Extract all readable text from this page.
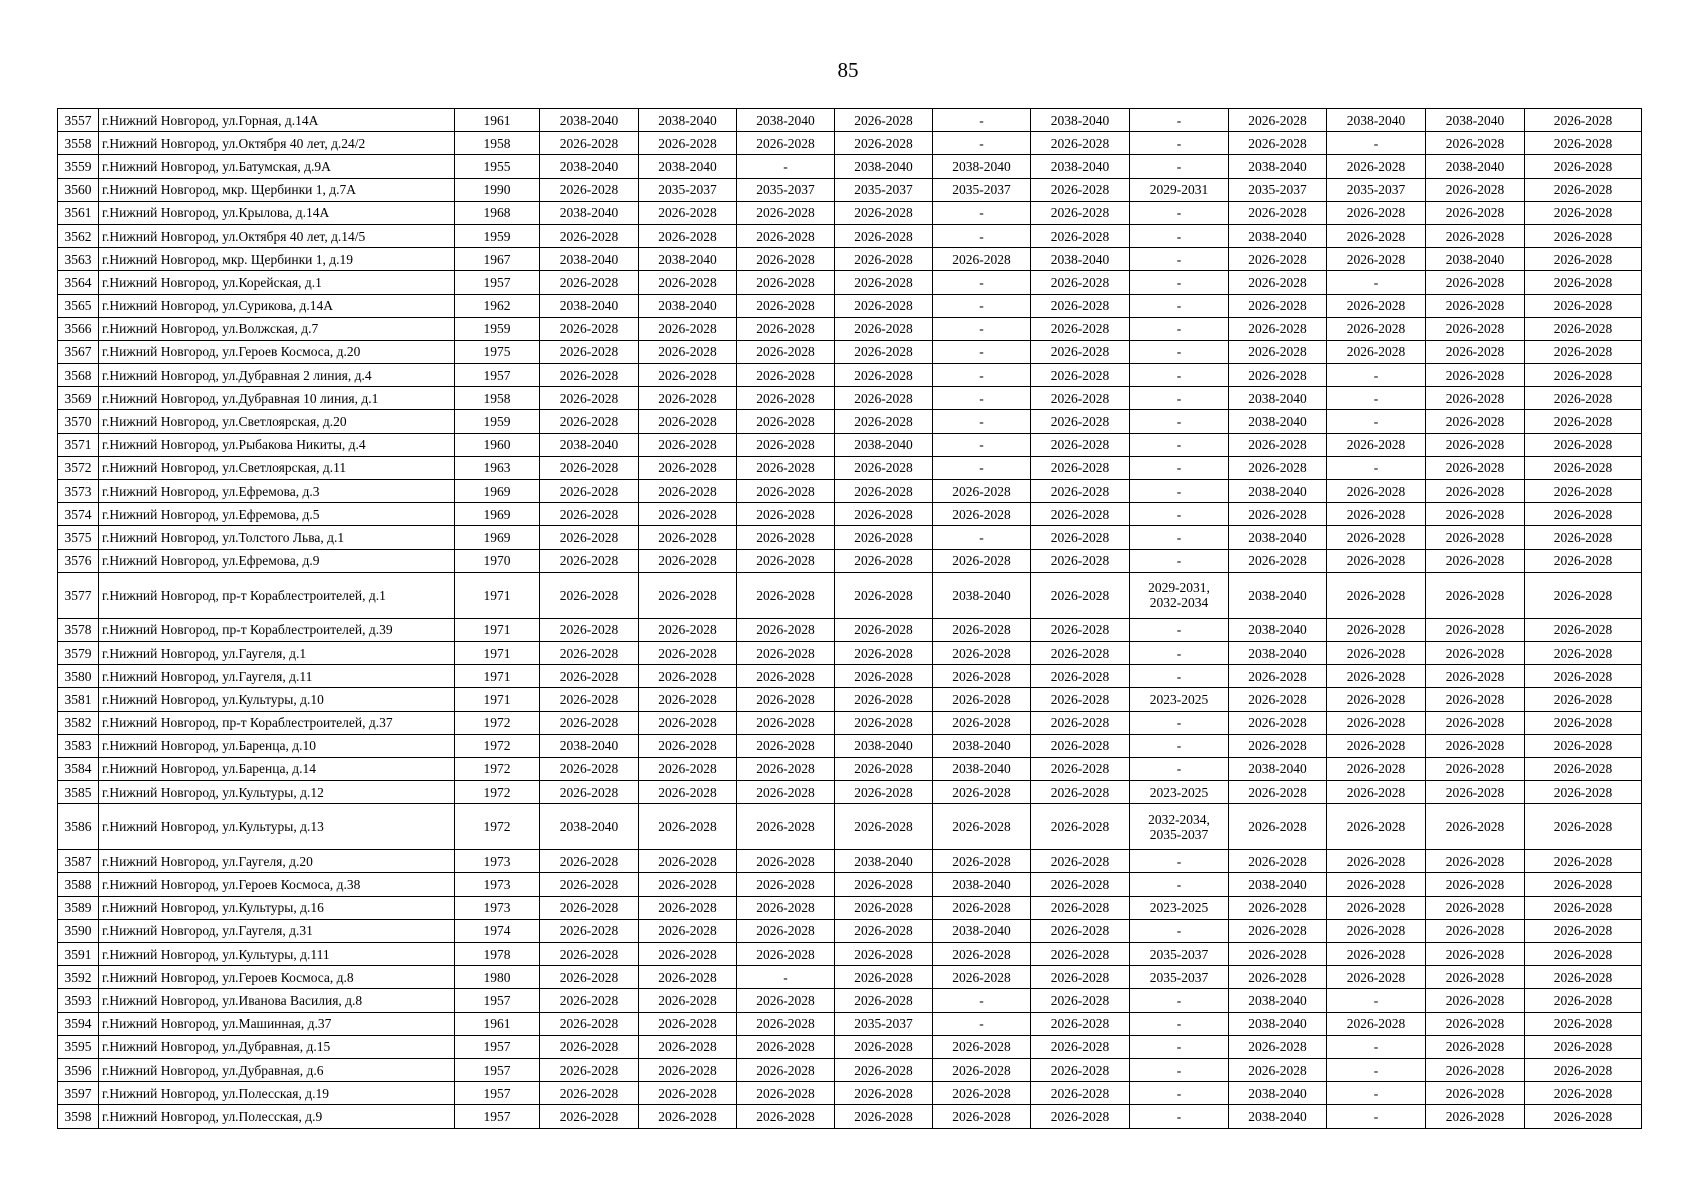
85
3557	г.Нижний Новгород, ул.Горная, д.14А	1961	2038-2040	2038-2040	2038-2040	2026-2028	-	2038-2040	-	2026-2028	2038-2040	2038-2040	2026-2028
3558	г.Нижний Новгород, ул.Октября 40 лет, д.24/2	1958	2026-2028	2026-2028	2026-2028	2026-2028	-	2026-2028	-	2026-2028	-	2026-2028	2026-2028
3559	г.Нижний Новгород, ул.Батумская, д.9А	1955	2038-2040	2038-2040	-	2038-2040	2038-2040	2038-2040	-	2038-2040	2026-2028	2038-2040	2026-2028
3560	г.Нижний Новгород, мкр. Щербинки 1, д.7А	1990	2026-2028	2035-2037	2035-2037	2035-2037	2035-2037	2026-2028	2029-2031	2035-2037	2035-2037	2026-2028	2026-2028
3561	г.Нижний Новгород, ул.Крылова, д.14А	1968	2038-2040	2026-2028	2026-2028	2026-2028	-	2026-2028	-	2026-2028	2026-2028	2026-2028	2026-2028
3562	г.Нижний Новгород, ул.Октября 40 лет, д.14/5	1959	2026-2028	2026-2028	2026-2028	2026-2028	-	2026-2028	-	2038-2040	2026-2028	2026-2028	2026-2028
3563	г.Нижний Новгород, мкр. Щербинки 1, д.19	1967	2038-2040	2038-2040	2026-2028	2026-2028	2026-2028	2038-2040	-	2026-2028	2026-2028	2038-2040	2026-2028
3564	г.Нижний Новгород, ул.Корейская, д.1	1957	2026-2028	2026-2028	2026-2028	2026-2028	-	2026-2028	-	2026-2028	-	2026-2028	2026-2028
3565	г.Нижний Новгород, ул.Сурикова, д.14А	1962	2038-2040	2038-2040	2026-2028	2026-2028	-	2026-2028	-	2026-2028	2026-2028	2026-2028	2026-2028
3566	г.Нижний Новгород, ул.Волжская, д.7	1959	2026-2028	2026-2028	2026-2028	2026-2028	-	2026-2028	-	2026-2028	2026-2028	2026-2028	2026-2028
3567	г.Нижний Новгород, ул.Героев Космоса, д.20	1975	2026-2028	2026-2028	2026-2028	2026-2028	-	2026-2028	-	2026-2028	2026-2028	2026-2028	2026-2028
3568	г.Нижний Новгород, ул.Дубравная 2 линия, д.4	1957	2026-2028	2026-2028	2026-2028	2026-2028	-	2026-2028	-	2026-2028	-	2026-2028	2026-2028
3569	г.Нижний Новгород, ул.Дубравная 10 линия, д.1	1958	2026-2028	2026-2028	2026-2028	2026-2028	-	2026-2028	-	2038-2040	-	2026-2028	2026-2028
3570	г.Нижний Новгород, ул.Светлоярская, д.20	1959	2026-2028	2026-2028	2026-2028	2026-2028	-	2026-2028	-	2038-2040	-	2026-2028	2026-2028
3571	г.Нижний Новгород, ул.Рыбакова Никиты, д.4	1960	2038-2040	2026-2028	2026-2028	2038-2040	-	2026-2028	-	2026-2028	2026-2028	2026-2028	2026-2028
3572	г.Нижний Новгород, ул.Светлоярская, д.11	1963	2026-2028	2026-2028	2026-2028	2026-2028	-	2026-2028	-	2026-2028	-	2026-2028	2026-2028
3573	г.Нижний Новгород, ул.Ефремова, д.3	1969	2026-2028	2026-2028	2026-2028	2026-2028	2026-2028	2026-2028	-	2038-2040	2026-2028	2026-2028	2026-2028
3574	г.Нижний Новгород, ул.Ефремова, д.5	1969	2026-2028	2026-2028	2026-2028	2026-2028	2026-2028	2026-2028	-	2026-2028	2026-2028	2026-2028	2026-2028
3575	г.Нижний Новгород, ул.Толстого Льва, д.1	1969	2026-2028	2026-2028	2026-2028	2026-2028	-	2026-2028	-	2038-2040	2026-2028	2026-2028	2026-2028
3576	г.Нижний Новгород, ул.Ефремова, д.9	1970	2026-2028	2026-2028	2026-2028	2026-2028	2026-2028	2026-2028	-	2026-2028	2026-2028	2026-2028	2026-2028
3577	г.Нижний Новгород, пр-т Кораблестроителей, д.1	1971	2026-2028	2026-2028	2026-2028	2026-2028	2038-2040	2026-2028	2029-2031, 2032-2034	2038-2040	2026-2028	2026-2028	2026-2028
3578	г.Нижний Новгород, пр-т Кораблестроителей, д.39	1971	2026-2028	2026-2028	2026-2028	2026-2028	2026-2028	2026-2028	-	2038-2040	2026-2028	2026-2028	2026-2028
3579	г.Нижний Новгород, ул.Гаугеля, д.1	1971	2026-2028	2026-2028	2026-2028	2026-2028	2026-2028	2026-2028	-	2038-2040	2026-2028	2026-2028	2026-2028
3580	г.Нижний Новгород, ул.Гаугеля, д.11	1971	2026-2028	2026-2028	2026-2028	2026-2028	2026-2028	2026-2028	-	2026-2028	2026-2028	2026-2028	2026-2028
3581	г.Нижний Новгород, ул.Культуры, д.10	1971	2026-2028	2026-2028	2026-2028	2026-2028	2026-2028	2026-2028	2023-2025	2026-2028	2026-2028	2026-2028	2026-2028
3582	г.Нижний Новгород, пр-т Кораблестроителей, д.37	1972	2026-2028	2026-2028	2026-2028	2026-2028	2026-2028	2026-2028	-	2026-2028	2026-2028	2026-2028	2026-2028
3583	г.Нижний Новгород, ул.Баренца, д.10	1972	2038-2040	2026-2028	2026-2028	2038-2040	2038-2040	2026-2028	-	2026-2028	2026-2028	2026-2028	2026-2028
3584	г.Нижний Новгород, ул.Баренца, д.14	1972	2026-2028	2026-2028	2026-2028	2026-2028	2038-2040	2026-2028	-	2038-2040	2026-2028	2026-2028	2026-2028
3585	г.Нижний Новгород, ул.Культуры, д.12	1972	2026-2028	2026-2028	2026-2028	2026-2028	2026-2028	2026-2028	2023-2025	2026-2028	2026-2028	2026-2028	2026-2028
3586	г.Нижний Новгород, ул.Культуры, д.13	1972	2038-2040	2026-2028	2026-2028	2026-2028	2026-2028	2026-2028	2032-2034, 2035-2037	2026-2028	2026-2028	2026-2028	2026-2028
3587	г.Нижний Новгород, ул.Гаугеля, д.20	1973	2026-2028	2026-2028	2026-2028	2038-2040	2026-2028	2026-2028	-	2026-2028	2026-2028	2026-2028	2026-2028
3588	г.Нижний Новгород, ул.Героев Космоса, д.38	1973	2026-2028	2026-2028	2026-2028	2026-2028	2038-2040	2026-2028	-	2038-2040	2026-2028	2026-2028	2026-2028
3589	г.Нижний Новгород, ул.Культуры, д.16	1973	2026-2028	2026-2028	2026-2028	2026-2028	2026-2028	2026-2028	2023-2025	2026-2028	2026-2028	2026-2028	2026-2028
3590	г.Нижний Новгород, ул.Гаугеля, д.31	1974	2026-2028	2026-2028	2026-2028	2026-2028	2038-2040	2026-2028	-	2026-2028	2026-2028	2026-2028	2026-2028
3591	г.Нижний Новгород, ул.Культуры, д.111	1978	2026-2028	2026-2028	2026-2028	2026-2028	2026-2028	2026-2028	2035-2037	2026-2028	2026-2028	2026-2028	2026-2028
3592	г.Нижний Новгород, ул.Героев Космоса, д.8	1980	2026-2028	2026-2028	-	2026-2028	2026-2028	2026-2028	2035-2037	2026-2028	2026-2028	2026-2028	2026-2028
3593	г.Нижний Новгород, ул.Иванова Василия, д.8	1957	2026-2028	2026-2028	2026-2028	2026-2028	-	2026-2028	-	2038-2040	-	2026-2028	2026-2028
3594	г.Нижний Новгород, ул.Машинная, д.37	1961	2026-2028	2026-2028	2026-2028	2035-2037	-	2026-2028	-	2038-2040	2026-2028	2026-2028	2026-2028
3595	г.Нижний Новгород, ул.Дубравная, д.15	1957	2026-2028	2026-2028	2026-2028	2026-2028	2026-2028	2026-2028	-	2026-2028	-	2026-2028	2026-2028
3596	г.Нижний Новгород, ул.Дубравная, д.6	1957	2026-2028	2026-2028	2026-2028	2026-2028	2026-2028	2026-2028	-	2026-2028	-	2026-2028	2026-2028
3597	г.Нижний Новгород, ул.Полесская, д.19	1957	2026-2028	2026-2028	2026-2028	2026-2028	2026-2028	2026-2028	-	2038-2040	-	2026-2028	2026-2028
3598	г.Нижний Новгород, ул.Полесская, д.9	1957	2026-2028	2026-2028	2026-2028	2026-2028	2026-2028	2026-2028	-	2038-2040	-	2026-2028	2026-2028
